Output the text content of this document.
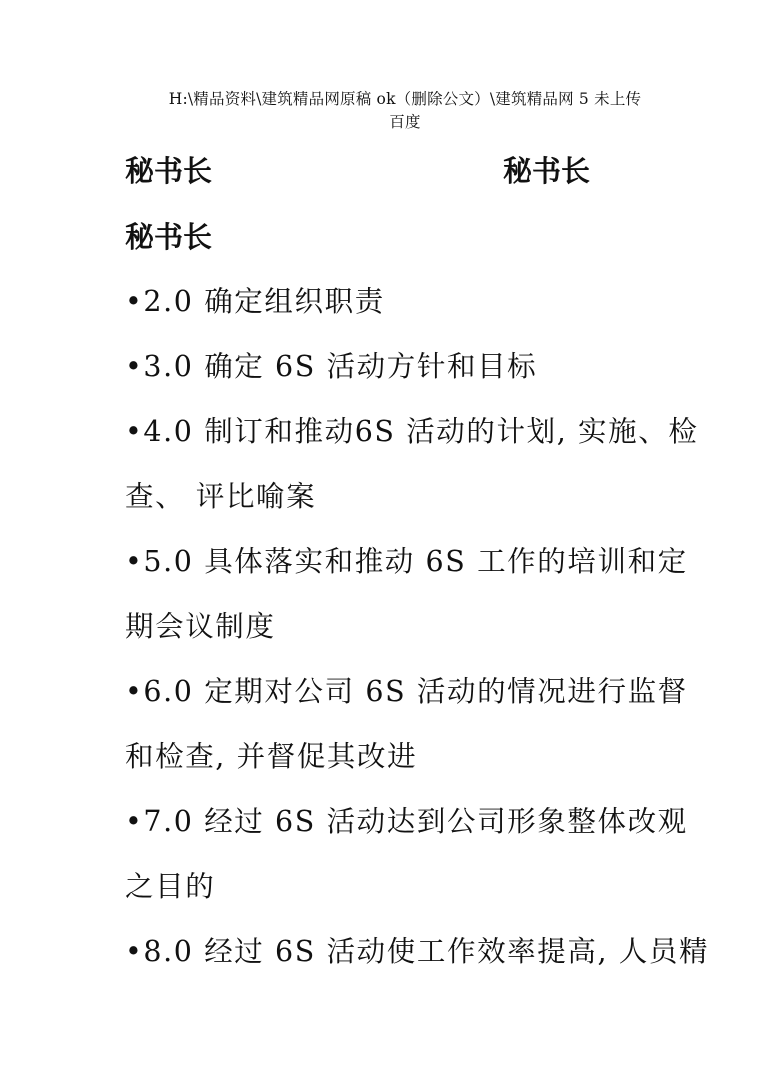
H:\精品资料\建筑精品网原稿 ok（删除公文）\建筑精品网 5 未上传
百度
秘书长	秘书长
秘书长
•2.0 确定组织职责
•3.0 确定 6S 活动方针和目标
•4.0 制订和推动6S 活动的计划, 实施、检
查、 评比喻案
•5.0 具体落实和推动 6S 工作的培训和定
期会议制度
•6.0 定期对公司 6S 活动的情况进行监督
和检查, 并督促其改进
•7.0 经过 6S 活动达到公司形象整体改观
之目的
•8.0 经过 6S 活动使工作效率提高, 人员精
